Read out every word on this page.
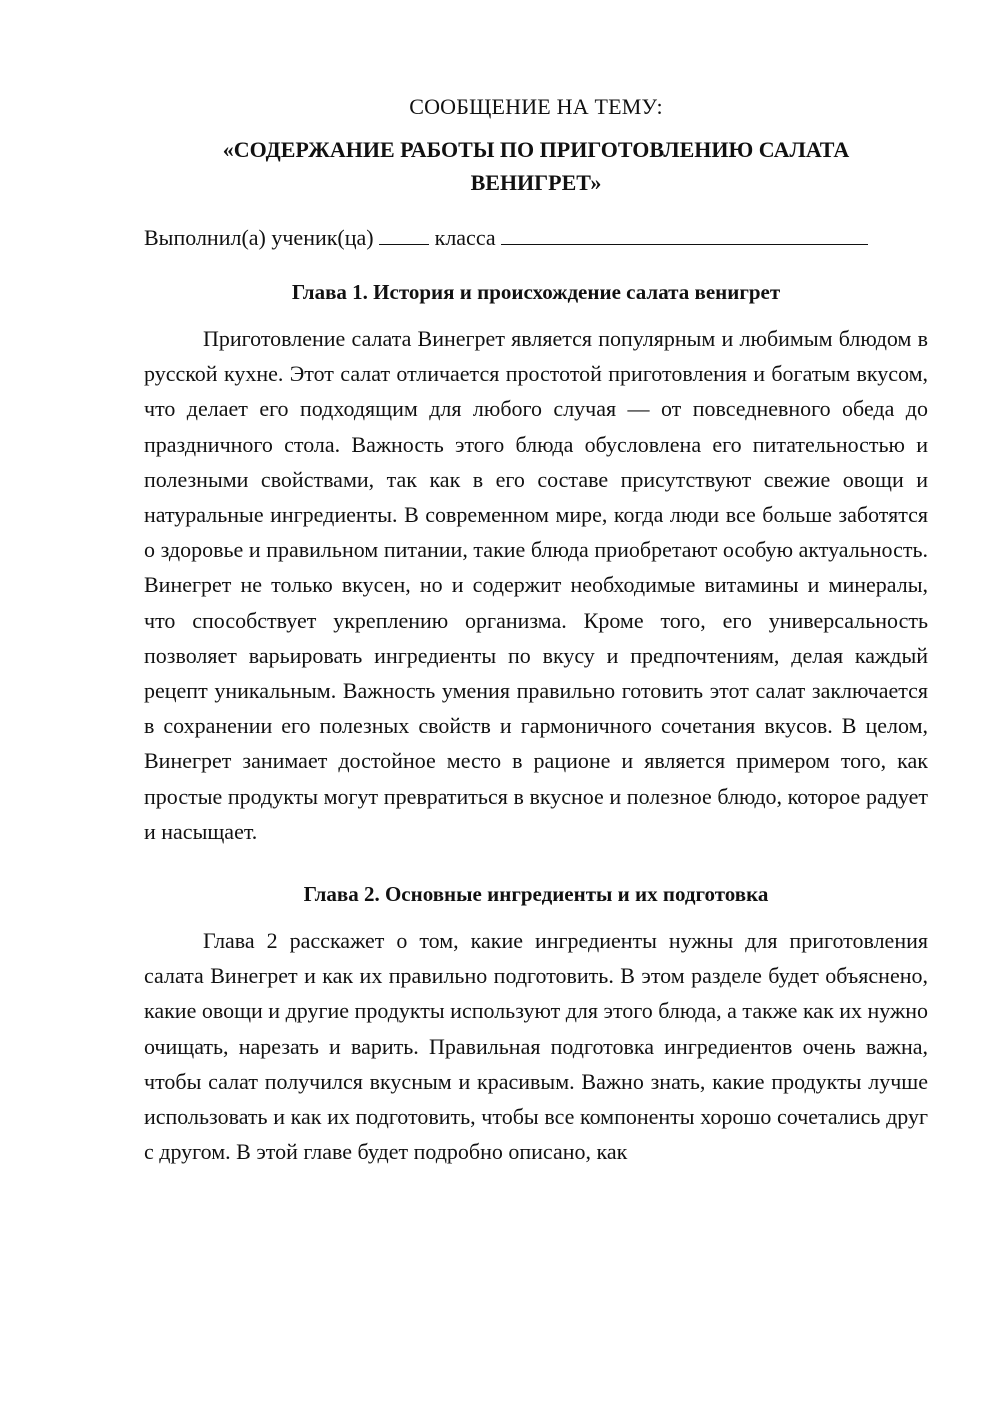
СООБЩЕНИЕ НА ТЕМУ:

«СОДЕРЖАНИЕ РАБОТЫ ПО ПРИГОТОВЛЕНИЮ САЛАТА ВЕНИГРЕТ»

Выполнил(а) ученик(ца)	класса

Глава 1. История и происхождение салата венигрет

Приготовление салата Винегрет является популярным и любимым блюдом в русской кухне. Этот салат отличается простотой приготовления и богатым вкусом, что делает его подходящим для любого случая — от повседневного обеда до праздничного стола. Важность этого блюда обусловлена его питательностью и полезными свойствами, так как в его составе присутствуют свежие овощи и натуральные ингредиенты. В современном мире, когда люди все больше заботятся о здоровье и правильном питании, такие блюда приобретают особую актуальность. Винегрет не только вкусен, но и содержит необходимые витамины и минералы, что способствует укреплению организма. Кроме того, его универсальность позволяет варьировать ингредиенты по вкусу и предпочтениям, делая каждый рецепт уникальным. Важность умения правильно готовить этот салат заключается в сохранении его полезных свойств и гармоничного сочетания вкусов. В целом, Винегрет занимает достойное место в рационе и является примером того, как простые продукты могут превратиться в вкусное и полезное блюдо, которое радует и насыщает.

Глава 2. Основные ингредиенты и их подготовка

Глава 2 расскажет о том, какие ингредиенты нужны для приготовления салата Винегрет и как их правильно подготовить. В этом разделе будет объяснено, какие овощи и другие продукты используют для этого блюда, а также как их нужно очищать, нарезать и варить. Правильная подготовка ингредиентов очень важна, чтобы салат получился вкусным и красивым. Важно знать, какие продукты лучше использовать и как их подготовить, чтобы все компоненты хорошо сочетались друг с другом. В этой главе будет подробно описано, как
